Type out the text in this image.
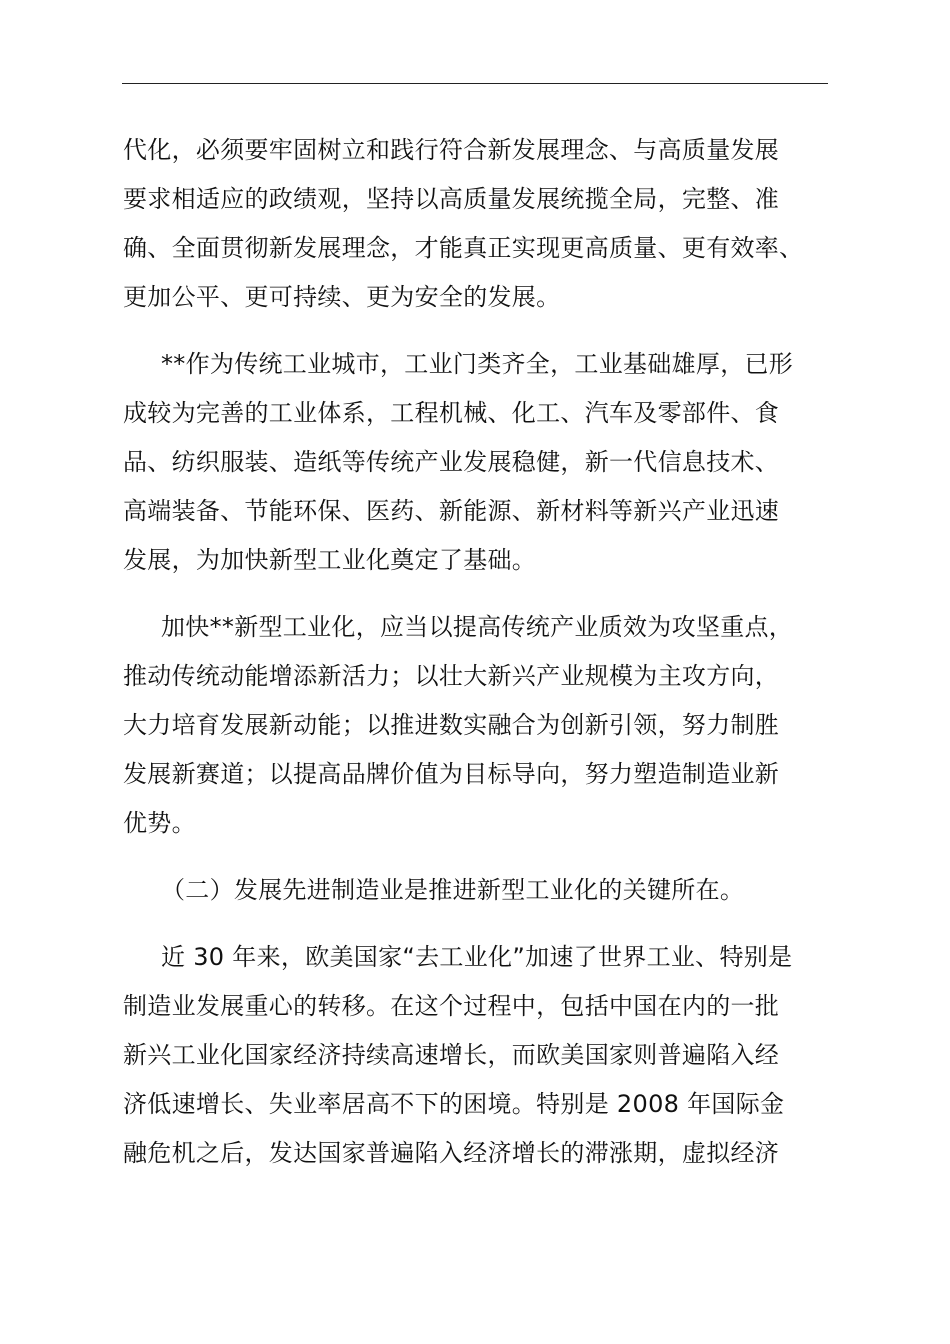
代化，必须要牢固树立和践行符合新发展理念、与高质量发展
要求相适应的政绩观，坚持以高质量发展统揽全局，完整、准
确、全面贯彻新发展理念，才能真正实现更高质量、更有效率、
更加公平、更可持续、更为安全的发展。
**作为传统工业城市，工业门类齐全，工业基础雄厚，已形
成较为完善的工业体系，工程机械、化工、汽车及零部件、食
品、纺织服装、造纸等传统产业发展稳健，新一代信息技术、
高端装备、节能环保、医药、新能源、新材料等新兴产业迅速
发展，为加快新型工业化奠定了基础。
加快**新型工业化，应当以提高传统产业质效为攻坚重点，
推动传统动能增添新活力；以壮大新兴产业规模为主攻方向，
大力培育发展新动能；以推进数实融合为创新引领，努力制胜
发展新赛道；以提高品牌价值为目标导向，努力塑造制造业新
优势。
（二）发展先进制造业是推进新型工业化的关键所在。
近 30 年来，欧美国家“去工业化”加速了世界工业、特别是
制造业发展重心的转移。在这个过程中，包括中国在内的一批
新兴工业化国家经济持续高速增长，而欧美国家则普遍陷入经
济低速增长、失业率居高不下的困境。特别是 2008 年国际金
融危机之后，发达国家普遍陷入经济增长的滞涨期，虚拟经济
